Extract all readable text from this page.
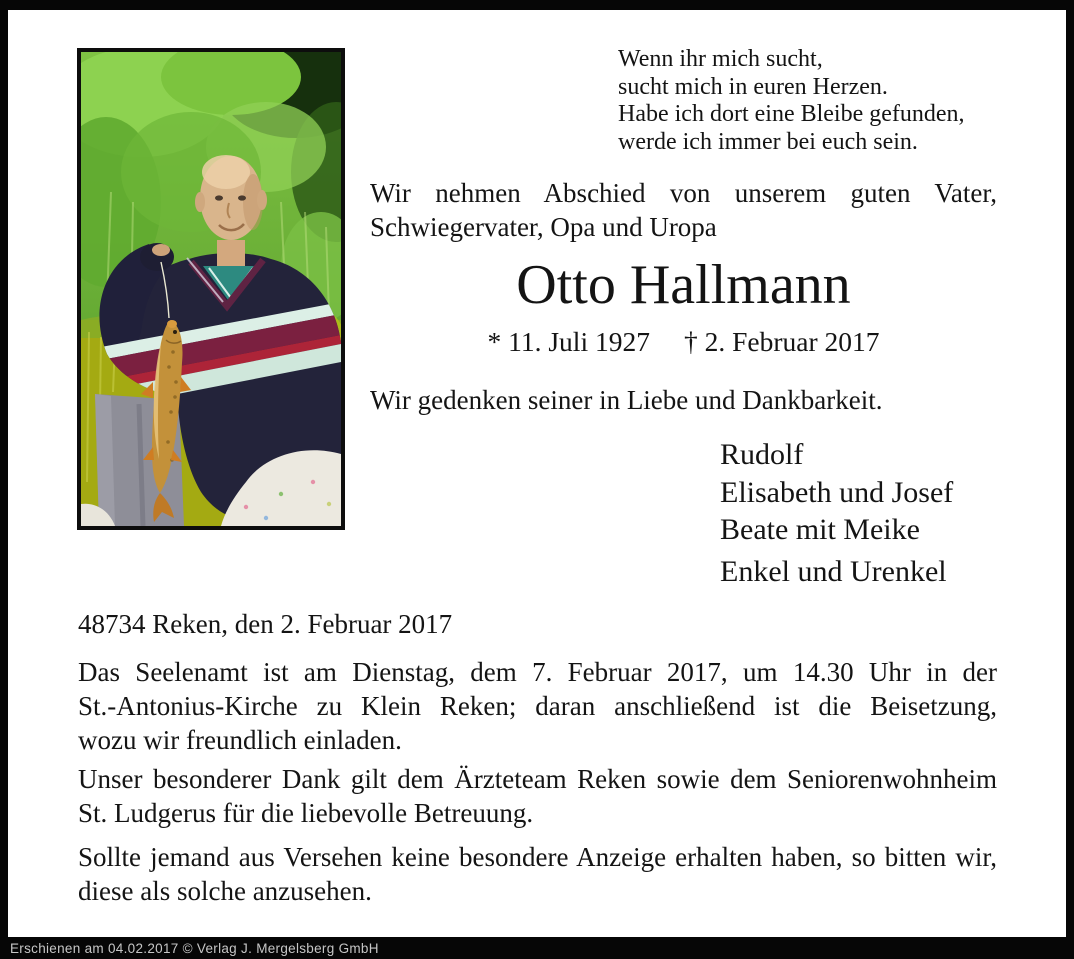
Wenn ihr mich sucht,
sucht mich in euren Herzen.
Habe ich dort eine Bleibe gefunden,
werde ich immer bei euch sein.
Wir nehmen Abschied von unserem guten Vater,
Schwiegervater, Opa und Uropa
Otto Hallmann
* 11. Juli 1927 † 2. Februar 2017
Wir gedenken seiner in Liebe und Dankbarkeit.
Rudolf
Elisabeth und Josef
Beate mit Meike
Enkel und Urenkel
48734 Reken, den 2. Februar 2017
Das Seelenamt ist am Dienstag, dem 7. Februar 2017, um 14.30 Uhr in der
St.-Antonius-Kirche zu Klein Reken; daran anschließend ist die Beisetzung,
wozu wir freundlich einladen.
Unser besonderer Dank gilt dem Ärzteteam Reken sowie dem Seniorenwohnheim
St. Ludgerus für die liebevolle Betreuung.
Sollte jemand aus Versehen keine besondere Anzeige erhalten haben, so bitten wir,
diese als solche anzusehen.
Erschienen am 04.02.2017 © Verlag J. Mergelsberg GmbH
